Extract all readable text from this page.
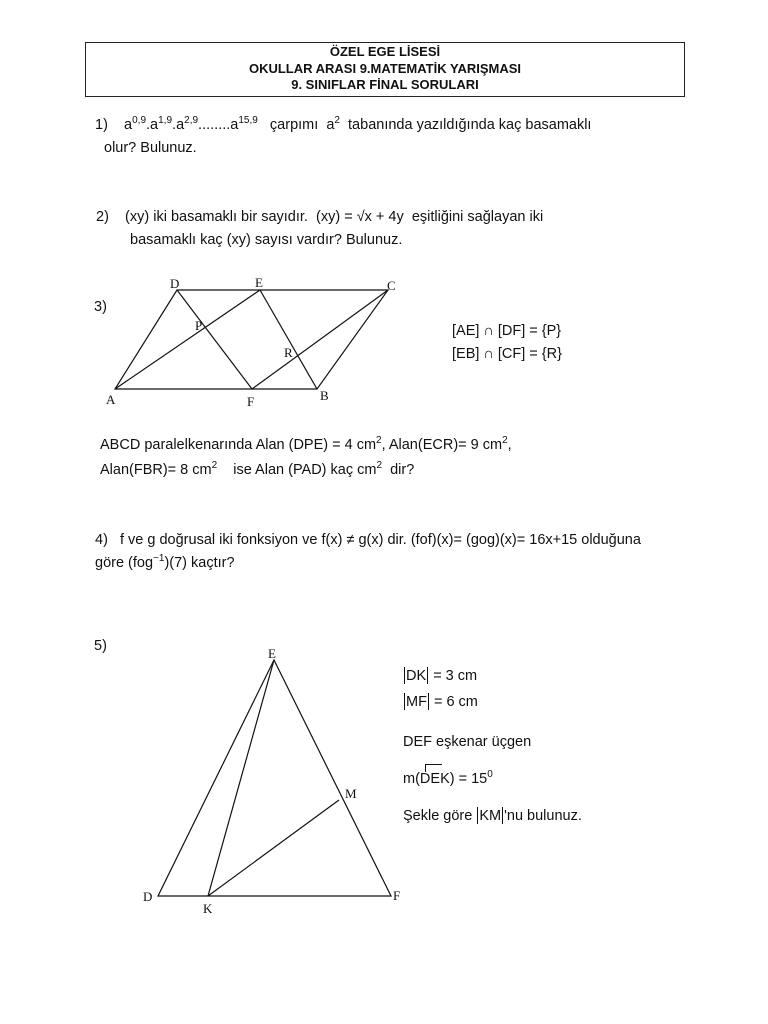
ÖZEL EGE LİSESİ
OKULLAR ARASI 9.MATEMATİK YARIŞMASI
9. SINIFLAR FİNAL SORULARI
1) $a^{0,9}.a^{1,9}.a^{2,9}........a^{15,9}$ çarpımı $a^2$ tabanında yazıldığında kaç basamaklı
olur? Bulunuz.
2) (xy) iki basamaklı bir sayıdır. (xy) = √x + 4y eşitliğini sağlayan iki
basamaklı kaç (xy) sayısı vardır? Bulunuz.
3)
D	E	C
P
R
A	F	B
[AE] ∩ [DF] = {P}
[EB] ∩ [CF] = {R}
ABCD paralelkenarında Alan (DPE) = 4 $cm^2$, Alan(ECR)= 9 $cm^2$,
Alan(FBR)= 8 $cm^2$ ise Alan (PAD) kaç $cm^2$ dir?
4) f ve g doğrusal iki fonksiyon ve f(x) ≠ g(x) dir. (fof)(x)= (gog)(x)= 16x+15 olduğuna
göre (fog$^{-1}$)(7) kaçtır?
5)	E
M
D
K
F
DK = 3 cm
MF = 6 cm
DEF eşkenar üçgen
$m(DEK) = 15^0$
Şekle göre KM 'nu bulunuz.
